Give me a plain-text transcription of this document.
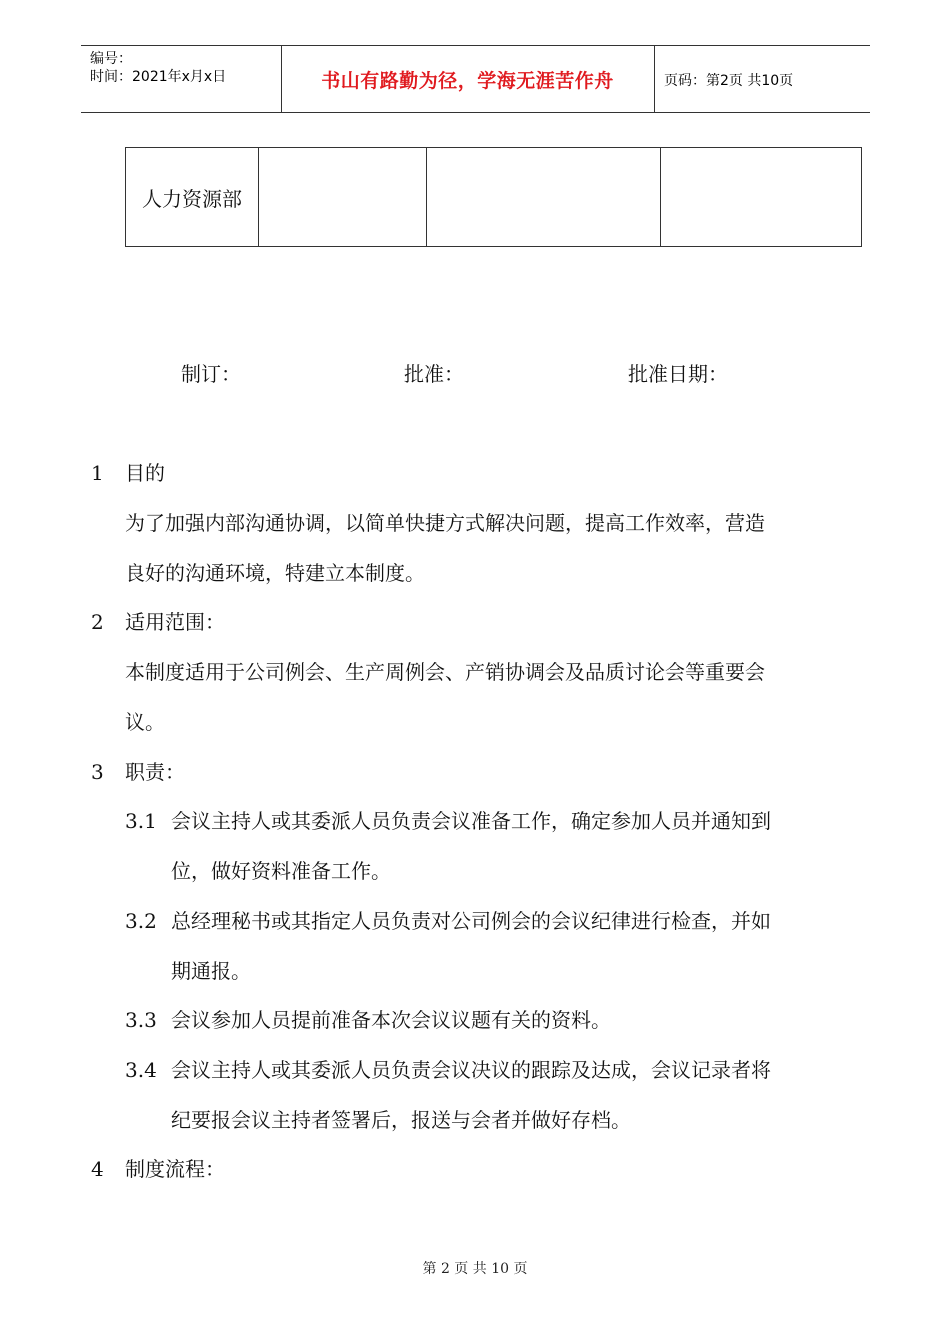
编号：
时间：2021年x月x日	书山有路勤为径，学海无涯苦作舟	页码：第2页 共10页
人力资源部			
制订：	批准：	批准日期：
1 目的
为了加强内部沟通协调，以简单快捷方式解决问题，提高工作效率，营造
良好的沟通环境，特建立本制度。
2 适用范围：
本制度适用于公司例会、生产周例会、产销协调会及品质讨论会等重要会
议。
3 职责：
3.1 会议主持人或其委派人员负责会议准备工作，确定参加人员并通知到
位，做好资料准备工作。
3.2 总经理秘书或其指定人员负责对公司例会的会议纪律进行检查，并如
期通报。
3.3 会议参加人员提前准备本次会议议题有关的资料。
3.4 会议主持人或其委派人员负责会议决议的跟踪及达成，会议记录者将
纪要报会议主持者签署后，报送与会者并做好存档。
4 制度流程：
第 2 页 共 10 页
